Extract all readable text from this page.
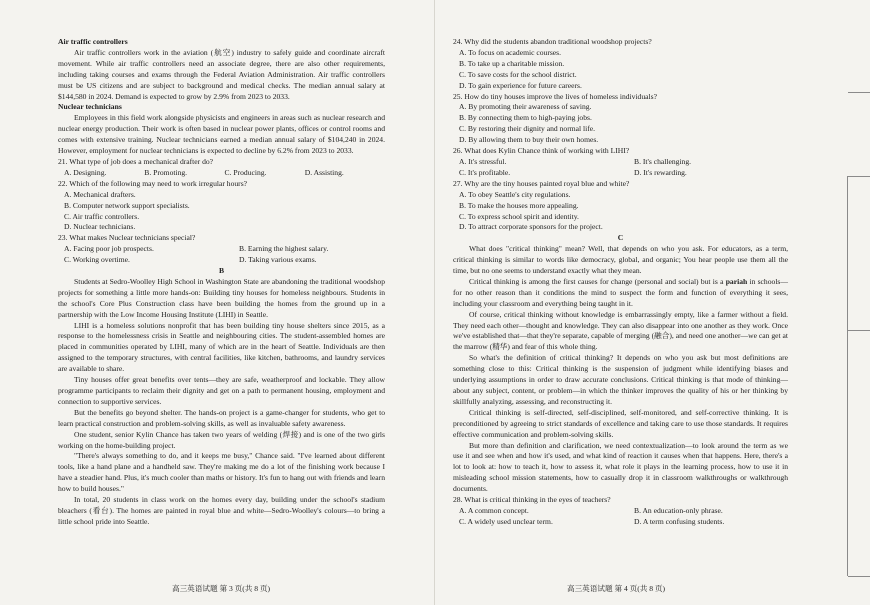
Air traffic controllers

Air traffic controllers work in the aviation (航空) industry to safely guide and coordinate aircraft movement. While air traffic controllers need an associate degree, there are also other requirements, including taking courses and exams through the Federal Aviation Administration. Air traffic controllers must be US citizens and are subject to background and medical checks. The median annual salary at $144,580 in 2024. Demand is expected to grow by 2.9% from 2023 to 2033.

Nuclear technicians

Employees in this field work alongside physicists and engineers in areas such as nuclear research and nuclear energy production. Their work is often based in nuclear power plants, offices or control rooms and comes with extensive training. Nuclear technicians earned a median annual salary of $104,240 in 2024. However, employment for nuclear technicians is expected to decline by 6.2% from 2023 to 2033.

21. What type of job does a mechanical drafter do?
A. Designing.	B. Promoting.	C. Producing.	D. Assisting.
22. Which of the following may need to work irregular hours?
A. Mechanical drafters.
B. Computer network support specialists.
C. Air traffic controllers.
D. Nuclear technicians.
23. What makes Nuclear technicians special?
A. Facing poor job prospects.	B. Earning the highest salary.
C. Working overtime.	D. Taking various exams.
B

Students at Sedro-Woolley High School in Washington State are abandoning the traditional woodshop projects for something a little more hands-on: Building tiny houses for homeless neighbours. Students in the school's Core Plus Construction class have been building the homes from the ground up in a partnership with the Low Income Housing Institute (LIHI) in Seattle.

LIHI is a homeless solutions nonprofit that has been building tiny house shelters since 2015, as a response to the homelessness crisis in Seattle and neighbouring cities. The student-assembled homes are placed in communities operated by LIHI, many of which are in the heart of Seattle. Individuals are then assigned to the temporary structures, with central facilities, like kitchen, bathrooms, and laundry services are available to share.

Tiny houses offer great benefits over tents—they are safe, weatherproof and lockable. They allow programme participants to reclaim their dignity and get on a path to permanent housing, employment and connection to supportive services.

But the benefits go beyond shelter. The hands-on project is a game-changer for students, who get to learn practical construction and problem-solving skills, as well as invaluable safety awareness.

One student, senior Kylin Chance has taken two years of welding (焊接) and is one of the two girls working on the home-building project.

"There's always something to do, and it keeps me busy," Chance said. "I've learned about different tools, like a hand plane and a handheld saw. They're making me do a lot of the finishing work because I have a steadier hand. Plus, it's much cooler than maths or history. It's fun to hang out with friends and learn how to build houses."

In total, 20 students in class work on the homes every day, building under the school's stadium bleachers (看台). The homes are painted in royal blue and white—Sedro-Woolley's colours—to bring a little school pride into Seattle.

24. Why did the students abandon traditional woodshop projects?
A. To focus on academic courses.
B. To take up a charitable mission.
C. To save costs for the school district.
D. To gain experience for future careers.
25. How do tiny houses improve the lives of homeless individuals?
A. By promoting their awareness of saving.
B. By connecting them to high-paying jobs.
C. By restoring their dignity and normal life.
D. By allowing them to buy their own homes.
26. What does Kylin Chance think of working with LIHI?
A. It's stressful.	B. It's challenging.
C. It's profitable.	D. It's rewarding.
27. Why are the tiny houses painted royal blue and white?
A. To obey Seattle's city regulations.
B. To make the houses more appealing.
C. To express school spirit and identity.
D. To attract corporate sponsors for the project.
C

What does "critical thinking" mean? Well, that depends on who you ask. For educators, as a term, critical thinking is similar to words like democracy, global, and organic; You hear people use them all the time, but no one seems to understand exactly what they mean.

Critical thinking is among the first causes for change (personal and social) but is a pariah in schools—for no other reason than it conditions the mind to suspect the form and function of everything it sees, including your classroom and everything being taught in it.

Of course, critical thinking without knowledge is embarrassingly empty, like a farmer without a field. They need each other—thought and knowledge. They can also disappear into one another as they work. Once we've established that—that they're separate, capable of merging (融合), and need one another—we can get at the marrow (精华) and fear of this whole thing.

So what's the definition of critical thinking? It depends on who you ask but most definitions are something close to this: Critical thinking is the suspension of judgment while identifying biases and underlying assumptions in order to draw accurate conclusions. Critical thinking is that mode of thinking—about any subject, content, or problem—in which the thinker improves the quality of his or her thinking by skillfully analyzing, assessing, and reconstructing it.

Critical thinking is self-directed, self-disciplined, self-monitored, and self-corrective thinking. It is preconditioned by agreeing to strict standards of excellence and taking care to use those standards. It requires effective communication and problem-solving skills.

But more than definition and clarification, we need contextualization—to look around the term as we use it and see when and how it's used, and what kind of reaction it causes when that happens. Here, there's a lot to look at: how to teach it, how to assess it, what role it plays in the learning process, how to use it in misleading school mission statements, how to casually drop it in classroom walkthroughs or walkthrough documents.

28. What is critical thinking in the eyes of teachers?
A. A common concept.	B. An education-only phrase.
C. A widely used unclear term.	D. A term confusing students.
高三英语试题 第 3 页(共 8 页)	高三英语试题 第 4 页(共 8 页)
